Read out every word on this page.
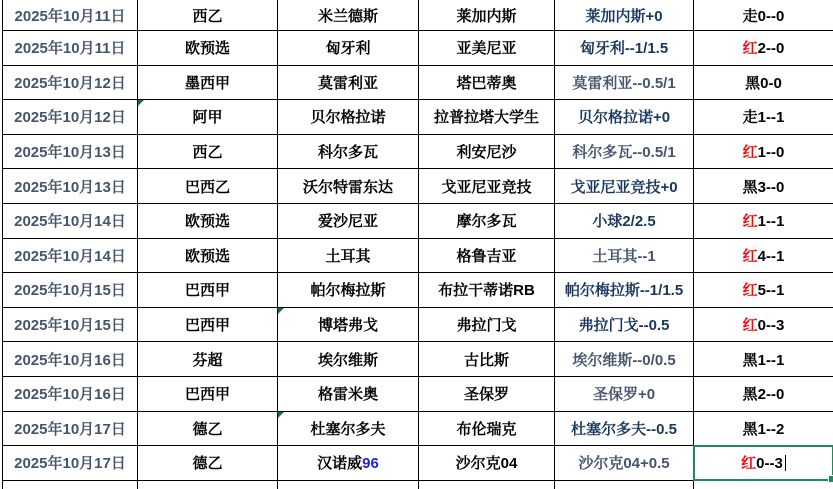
2025年10月11日	西乙	米兰德斯	莱加内斯	莱加内斯+0	走0--0
2025年10月11日	欧预选	匈牙利	亚美尼亚	匈牙利--1/1.5	红2--0
2025年10月12日	墨西甲	莫雷利亚	塔巴蒂奥	莫雷利亚--0.5/1	黑0-0
2025年10月12日	阿甲	贝尔格拉诺	拉普拉塔大学生	贝尔格拉诺+0	走1--1
2025年10月13日	西乙	科尔多瓦	利安尼沙	科尔多瓦--0.5/1	红1--0
2025年10月13日	巴西乙	沃尔特雷东达	戈亚尼亚竞技	戈亚尼亚竞技+0	黑3--0
2025年10月14日	欧预选	爱沙尼亚	摩尔多瓦	小球2/2.5	红1--1
2025年10月14日	欧预选	土耳其	格鲁吉亚	土耳其--1	红4--1
2025年10月15日	巴西甲	帕尔梅拉斯	布拉干蒂诺RB	帕尔梅拉斯--1/1.5	红5--1
2025年10月15日	巴西甲	博塔弗戈	弗拉门戈	弗拉门戈--0.5	红0--3
2025年10月16日	芬超	埃尔维斯	古比斯	埃尔维斯--0/0.5	黑1--1
2025年10月16日	巴西甲	格雷米奥	圣保罗	圣保罗+0	黑2--0
2025年10月17日	德乙	杜塞尔多夫	布伦瑞克	杜塞尔多夫--0.5	黑1--2
2025年10月17日	德乙	汉诺威96	沙尔克04	沙尔克04+0.5	红0--3
